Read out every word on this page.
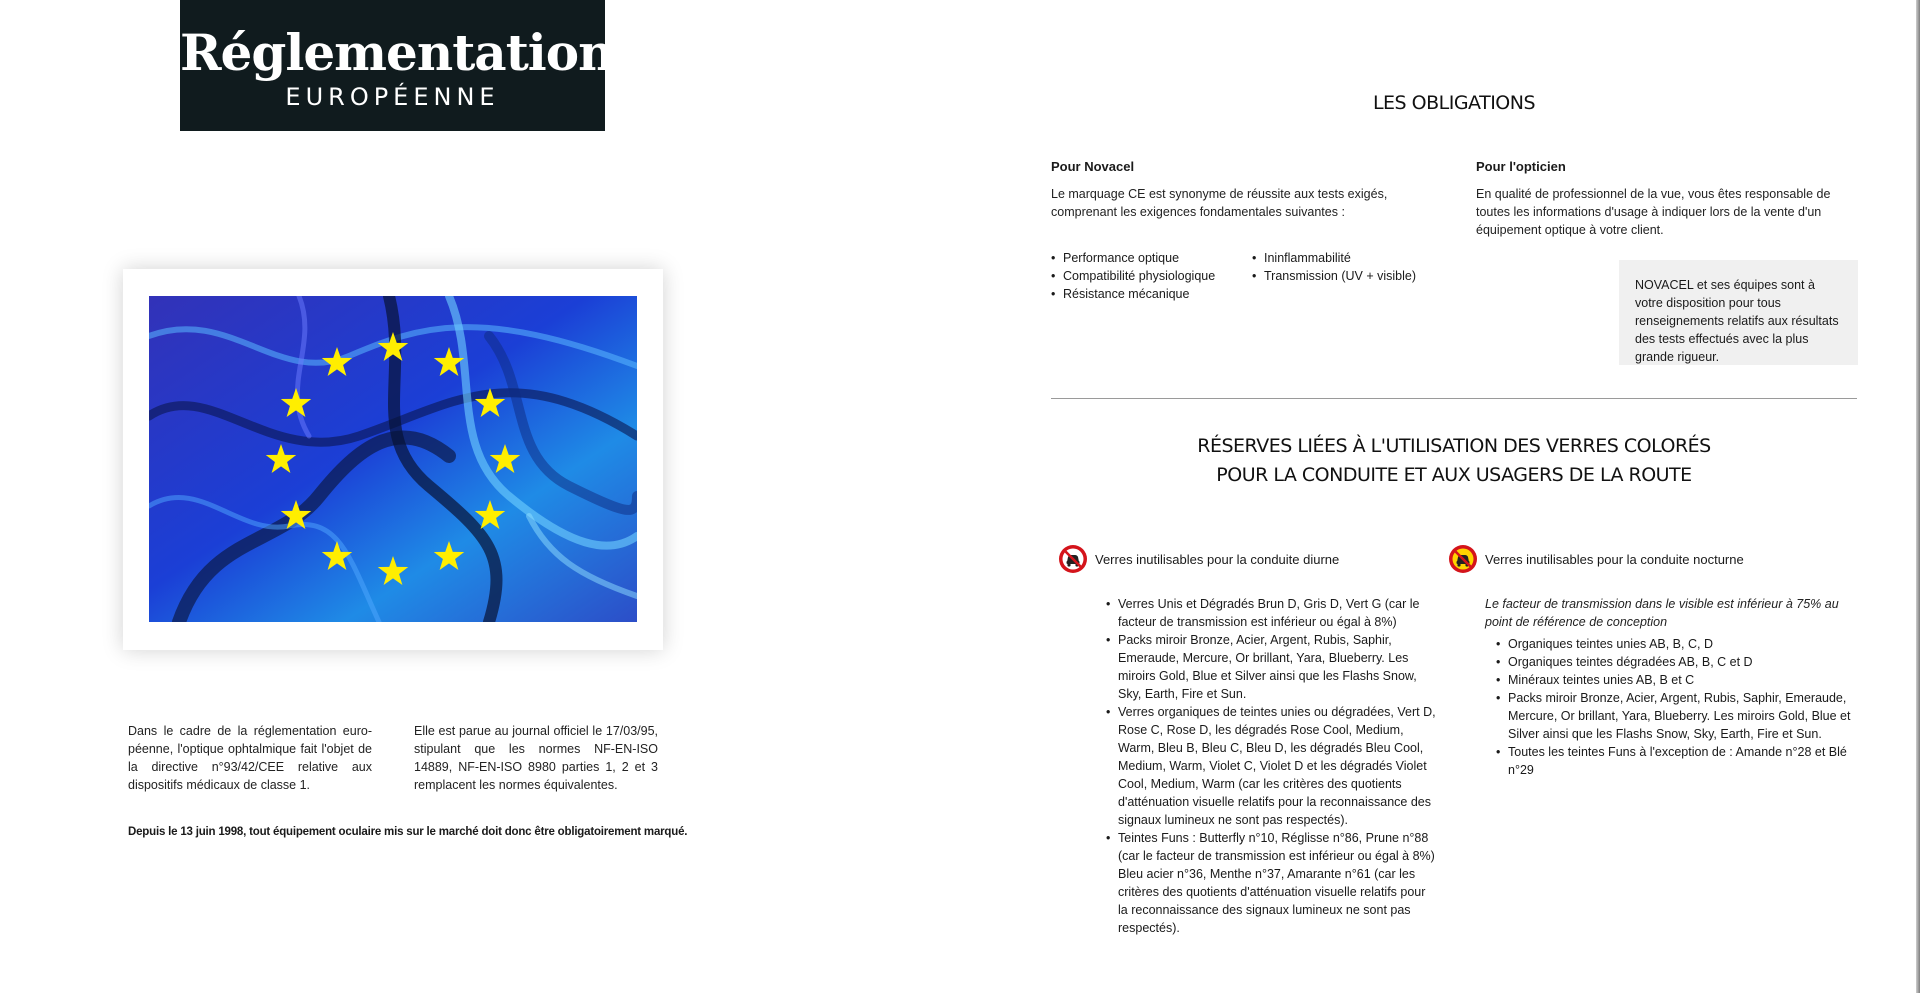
Réglementation
EUROPÉENNE
Dans le cadre de la réglementation euro-péenne, l'optique ophtalmique fait l'objet de la directive n°93/42/CEE relative aux dispositifs médicaux de classe 1.
Elle est parue au journal officiel le 17/03/95, stipulant que les normes NF-EN-ISO 14889, NF-EN-ISO 8980 parties 1, 2 et 3 remplacent les normes équivalentes.
Depuis le 13 juin 1998, tout équipement oculaire mis sur le marché doit donc être obligatoirement marqué.
LES OBLIGATIONS
Pour Novacel
Le marquage CE est synonyme de réussite aux tests exigés, comprenant les exigences fondamentales suivantes :
• Performance optique
• Compatibilité physiologique
• Résistance mécanique
• Ininflammabilité
• Transmission (UV + visible)
Pour l'opticien
En qualité de professionnel de la vue, vous êtes responsable de toutes les informations d'usage à indiquer lors de la vente d'un équipement optique à votre client.
NOVACEL et ses équipes sont à votre disposition pour tous renseignements relatifs aux résultats des tests effectués avec la plus grande rigueur.
RÉSERVES LIÉES À L'UTILISATION DES VERRES COLORÉS
POUR LA CONDUITE ET AUX USAGERS DE LA ROUTE
Verres inutilisables pour la conduite diurne
• Verres Unis et Dégradés Brun D, Gris D, Vert G (car le facteur de transmission est inférieur ou égal à 8%)
• Packs miroir Bronze, Acier, Argent, Rubis, Saphir, Emeraude, Mercure, Or brillant, Yara, Blueberry. Les miroirs Gold, Blue et Silver ainsi que les Flashs Snow, Sky, Earth, Fire et Sun.
• Verres organiques de teintes unies ou dégradées, Vert D, Rose C, Rose D, les dégradés Rose Cool, Medium, Warm, Bleu B, Bleu C, Bleu D, les dégradés Bleu Cool, Medium, Warm, Violet C, Violet D et les dégradés Violet Cool, Medium, Warm (car les critères des quotients d'atténuation visuelle relatifs pour la reconnaissance des signaux lumineux ne sont pas respectés).
• Teintes Funs : Butterfly n°10, Réglisse n°86, Prune n°88 (car le facteur de transmission est inférieur ou égal à 8%) Bleu acier n°36, Menthe n°37, Amarante n°61 (car les critères des quotients d'atténuation visuelle relatifs pour la reconnaissance des signaux lumineux ne sont pas respectés).
Verres inutilisables pour la conduite nocturne
Le facteur de transmission dans le visible est inférieur à 75% au point de référence de conception
• Organiques teintes unies AB, B, C, D
• Organiques teintes dégradées AB, B, C et D
• Minéraux teintes unies AB, B et C
• Packs miroir Bronze, Acier, Argent, Rubis, Saphir, Emeraude, Mercure, Or brillant, Yara, Blueberry. Les miroirs Gold, Blue et Silver ainsi que les Flashs Snow, Sky, Earth, Fire et Sun.
• Toutes les teintes Funs à l'exception de : Amande n°28 et Blé n°29
